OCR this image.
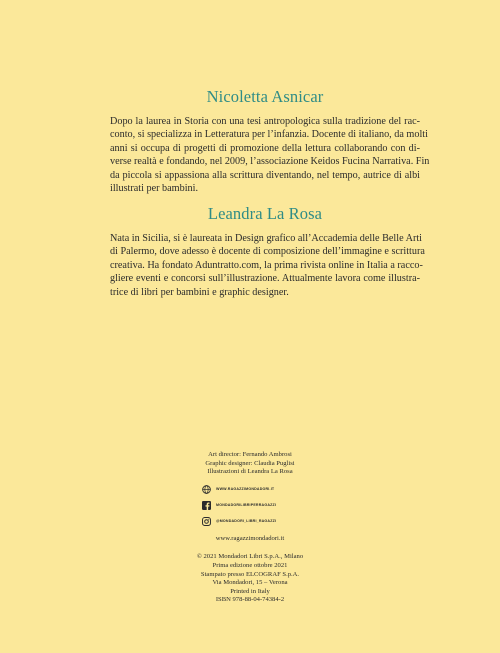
Nicoletta Asnicar
Dopo la laurea in Storia con una tesi antropologica sulla tradizione del rac-
conto, si specializza in Letteratura per l’infanzia. Docente di italiano, da molti
anni si occupa di progetti di promozione della lettura collaborando con di-
verse realtà e fondando, nel 2009, l’associazione Keidos Fucina Narrativa. Fin
da piccola si appassiona alla scrittura diventando, nel tempo, autrice di albi
illustrati per bambini.
Leandra La Rosa
Nata in Sicilia, si è laureata in Design grafico all’Accademia delle Belle Arti
di Palermo, dove adesso è docente di composizione dell’immagine e scrittura
creativa. Ha fondato Aduntratto.com, la prima rivista online in Italia a racco-
gliere eventi e concorsi sull’illustrazione. Attualmente lavora come illustra-
trice di libri per bambini e graphic designer.
Art director: Fernando Ambrosi
Graphic designer: Claudia Puglisi
Illustrazioni di Leandra La Rosa
WWW.RAGAZZIMONDADORI.IT
MONDADORILIBRIPERRAGAZZI
@MONDADORI_LIBRI_RAGAZZI
www.ragazzimondadori.it
© 2021 Mondadori Libri S.p.A., Milano
Prima edizione ottobre 2021
Stampato presso ELCOGRAF S.p.A.
Via Mondadori, 15 – Verona
Printed in Italy
ISBN 978-88-04-74384-2
